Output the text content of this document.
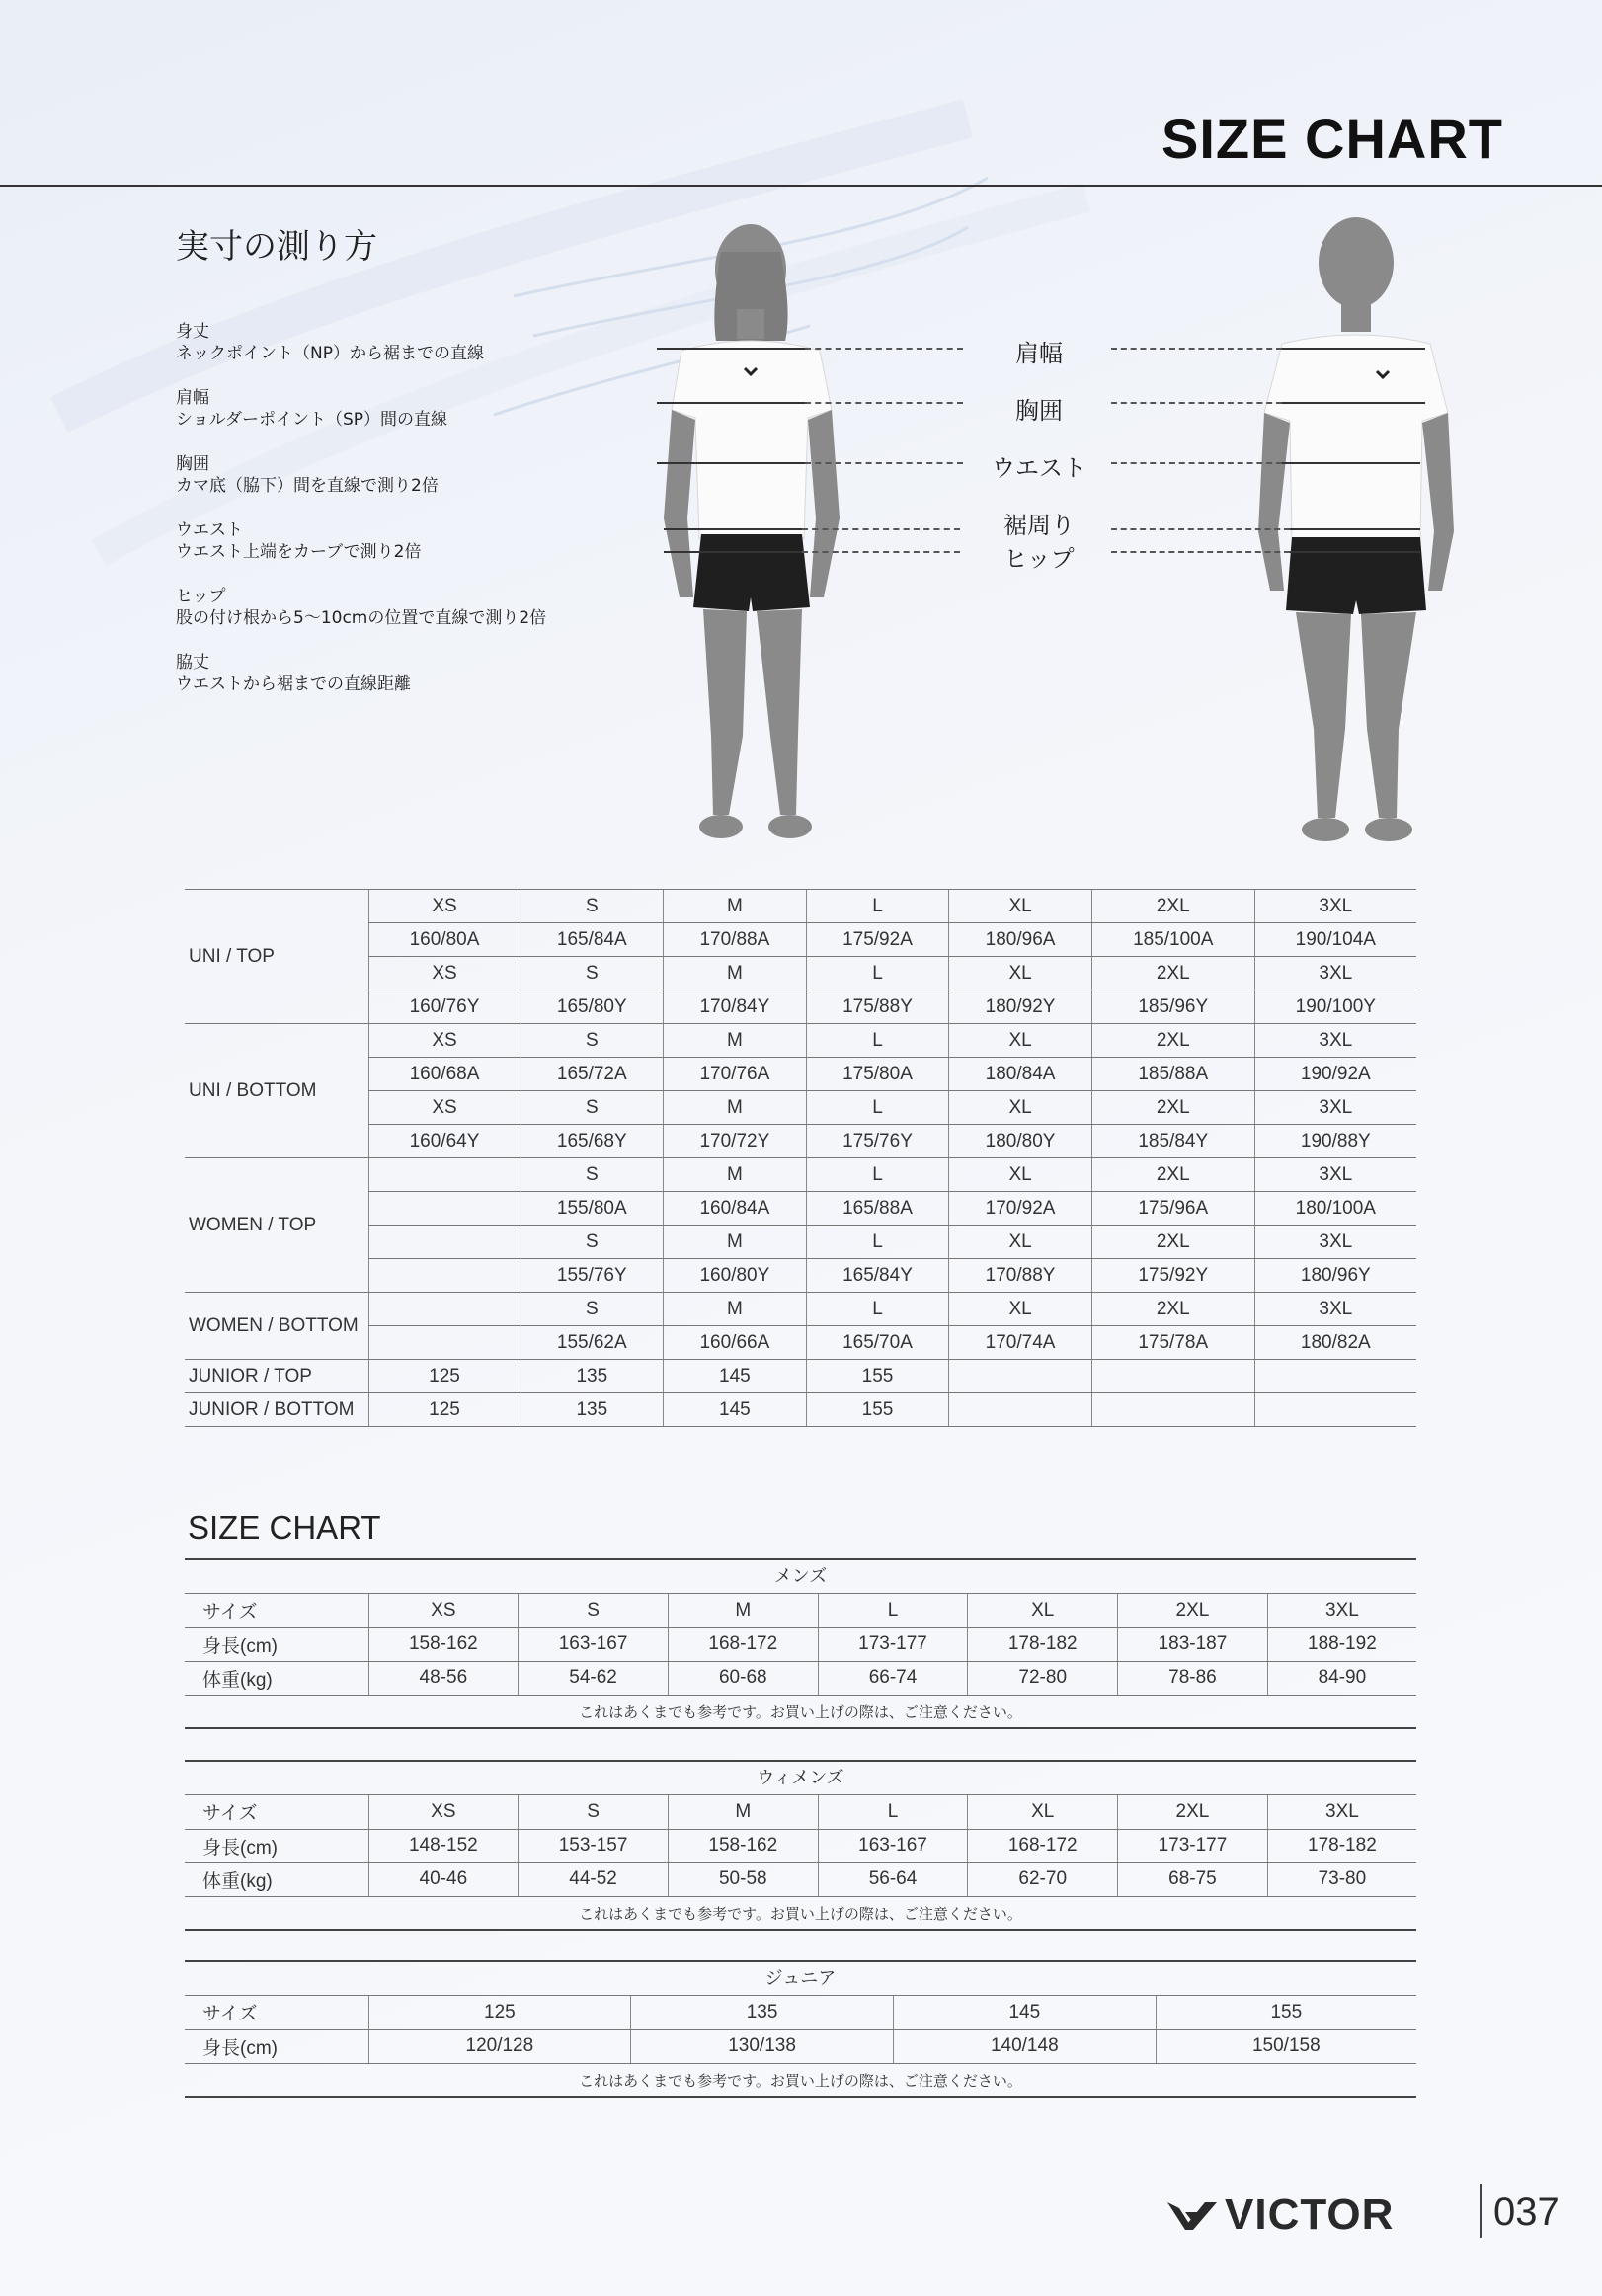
SIZE CHART
実寸の測り方
身丈
ネックポイント（NP）から裾までの直線
肩幅
ショルダーポイント（SP）間の直線
胸囲
カマ底（脇下）間を直線で測り2倍
ウエスト
ウエスト上端をカーブで測り2倍
ヒップ
股の付け根から5〜10cmの位置で直線で測り2倍
脇丈
ウエストから裾までの直線距離
肩幅
胸囲
ウエスト
裾周り
ヒップ
UNI / TOP	XS	S	M	L	XL	2XL	3XL
	160/80A	165/84A	170/88A	175/92A	180/96A	185/100A	190/104A
	XS	S	M	L	XL	2XL	3XL
	160/76Y	165/80Y	170/84Y	175/88Y	180/92Y	185/96Y	190/100Y
UNI / BOTTOM	XS	S	M	L	XL	2XL	3XL
	160/68A	165/72A	170/76A	175/80A	180/84A	185/88A	190/92A
	XS	S	M	L	XL	2XL	3XL
	160/64Y	165/68Y	170/72Y	175/76Y	180/80Y	185/84Y	190/88Y
WOMEN / TOP		S	M	L	XL	2XL	3XL
		155/80A	160/84A	165/88A	170/92A	175/96A	180/100A
		S	M	L	XL	2XL	3XL
		155/76Y	160/80Y	165/84Y	170/88Y	175/92Y	180/96Y
WOMEN / BOTTOM		S	M	L	XL	2XL	3XL
		155/62A	160/66A	165/70A	170/74A	175/78A	180/82A
JUNIOR / TOP	125	135	145	155			
JUNIOR / BOTTOM	125	135	145	155			
SIZE CHART
メンズ
サイズ	XS	S	M	L	XL	2XL	3XL
身長(cm)	158-162	163-167	168-172	173-177	178-182	183-187	188-192
体重(kg)	48-56	54-62	60-68	66-74	72-80	78-86	84-90
これはあくまでも参考です。お買い上げの際は、ご注意ください。
ウィメンズ
サイズ	XS	S	M	L	XL	2XL	3XL
身長(cm)	148-152	153-157	158-162	163-167	168-172	173-177	178-182
体重(kg)	40-46	44-52	50-58	56-64	62-70	68-75	73-80
これはあくまでも参考です。お買い上げの際は、ご注意ください。
ジュニア
サイズ	125	135	145	155
身長(cm)	120/128	130/138	140/148	150/158
これはあくまでも参考です。お買い上げの際は、ご注意ください。
VICTOR	037
